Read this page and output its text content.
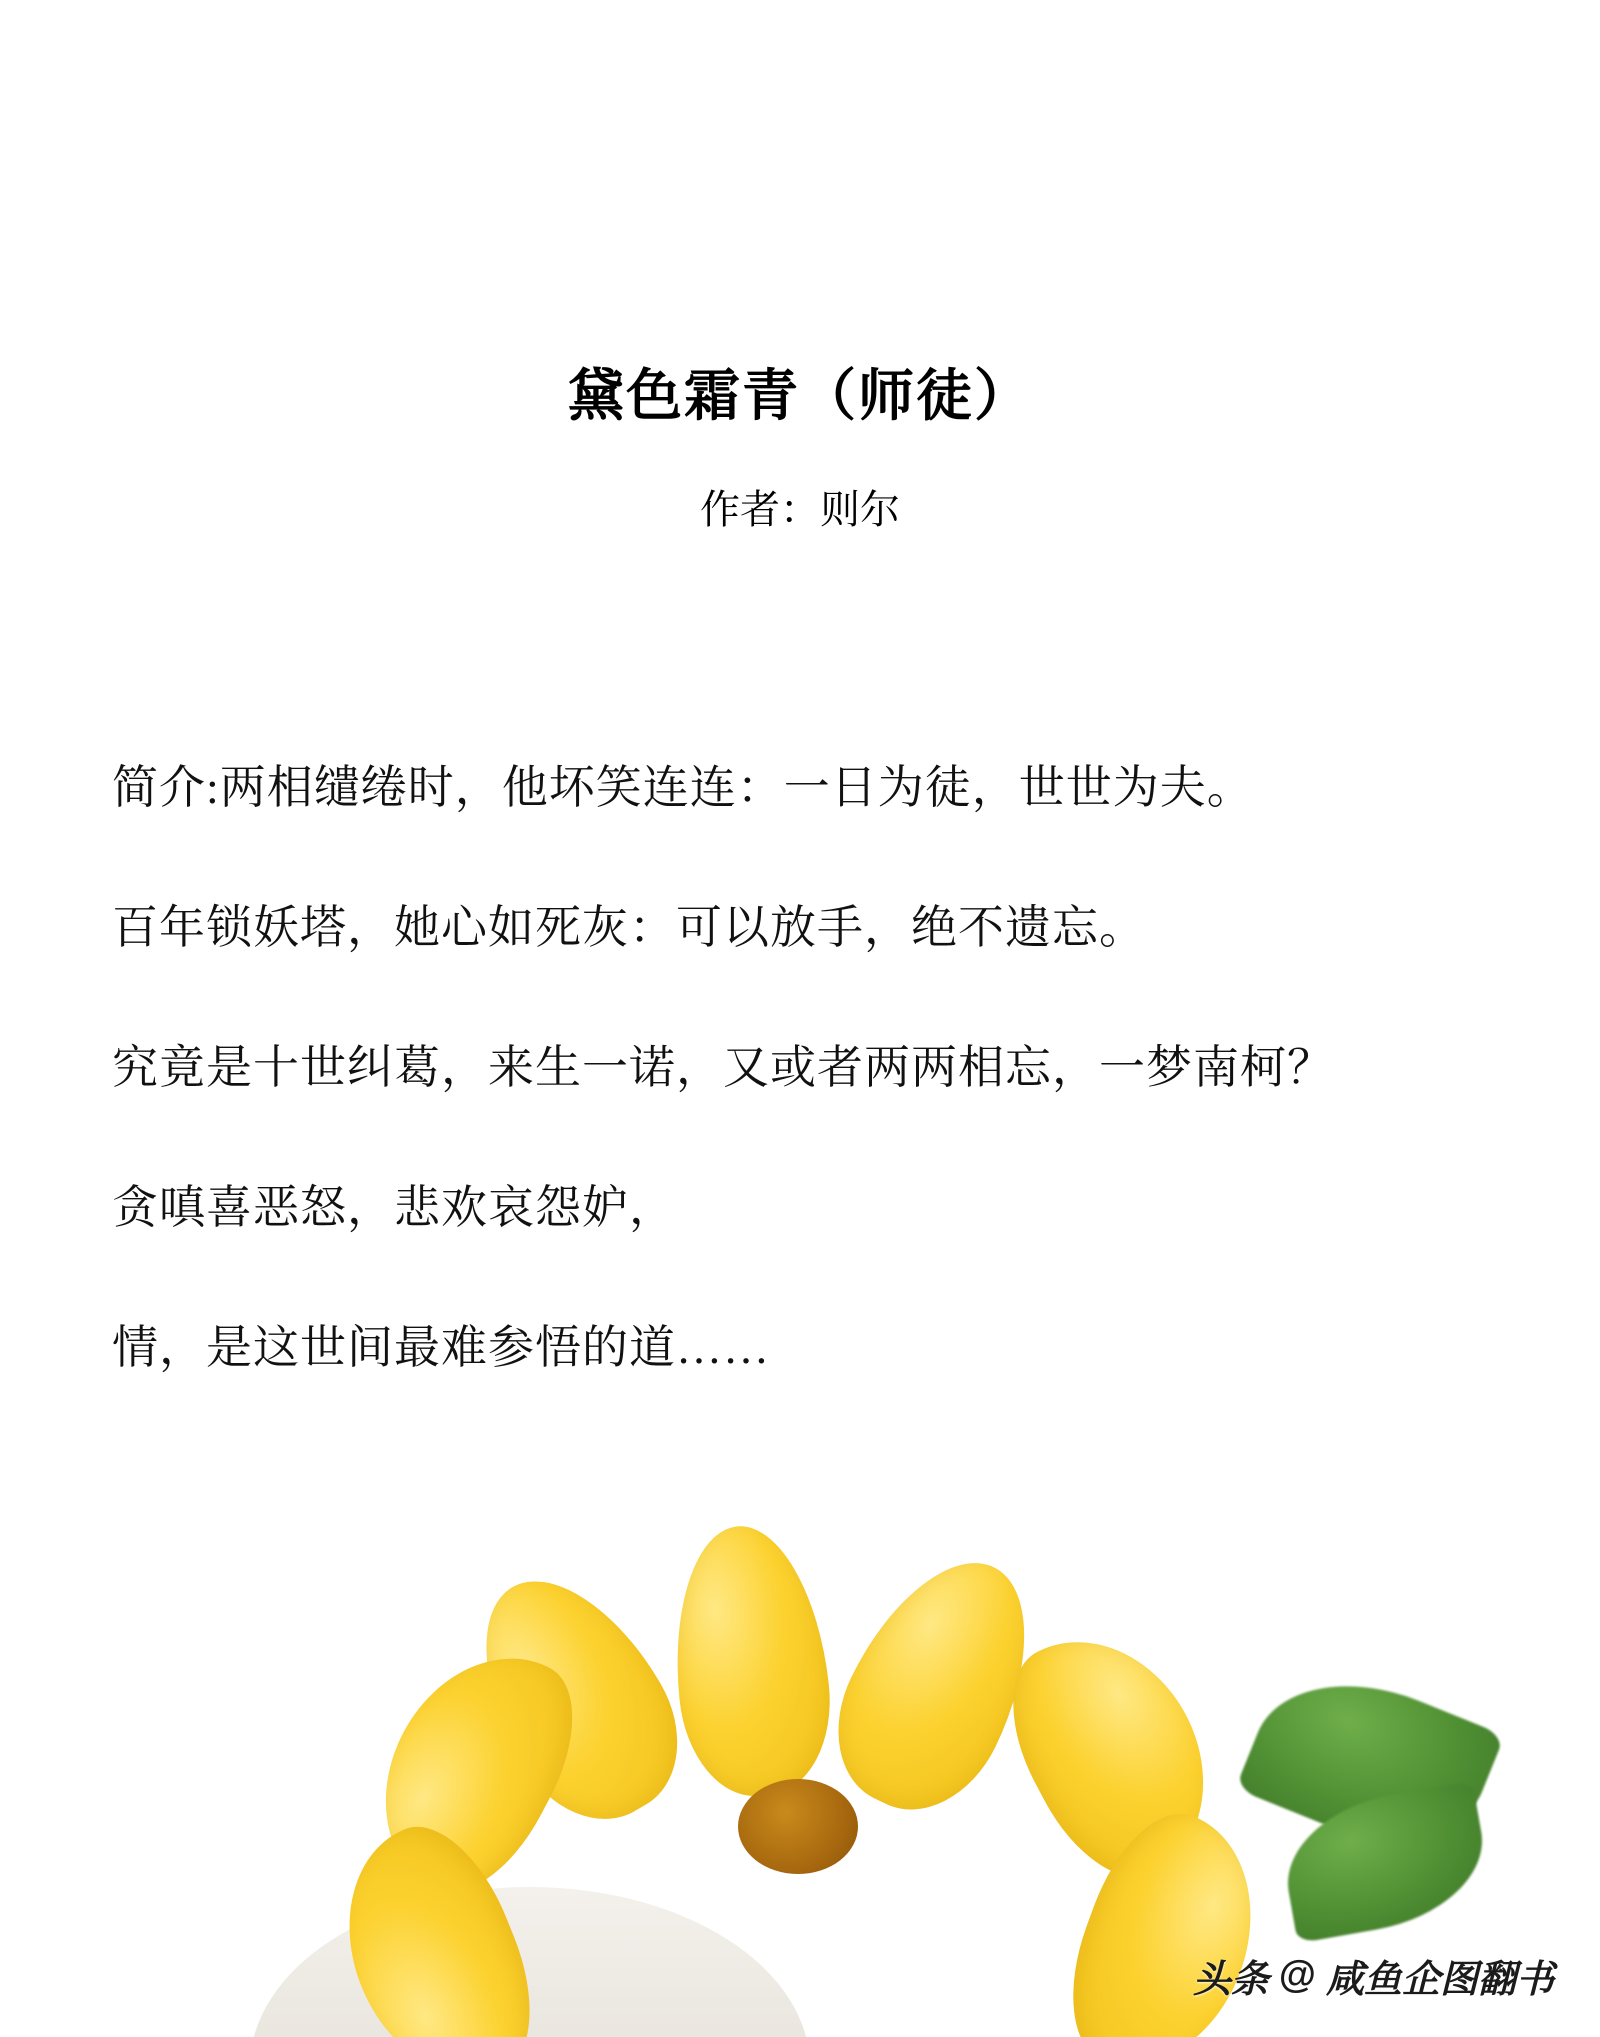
黛色霜青（师徒）
作者：则尔

简介:两相缱绻时，他坏笑连连：一日为徒，世世为夫。

百年锁妖塔，她心如死灰：可以放手，绝不遗忘。

究竟是十世纠葛，来生一诺，又或者两两相忘，一梦南柯？

贪嗔喜恶怒，悲欢哀怨妒，

情，是这世间最难参悟的道……

头条 @ 咸鱼企图翻书
